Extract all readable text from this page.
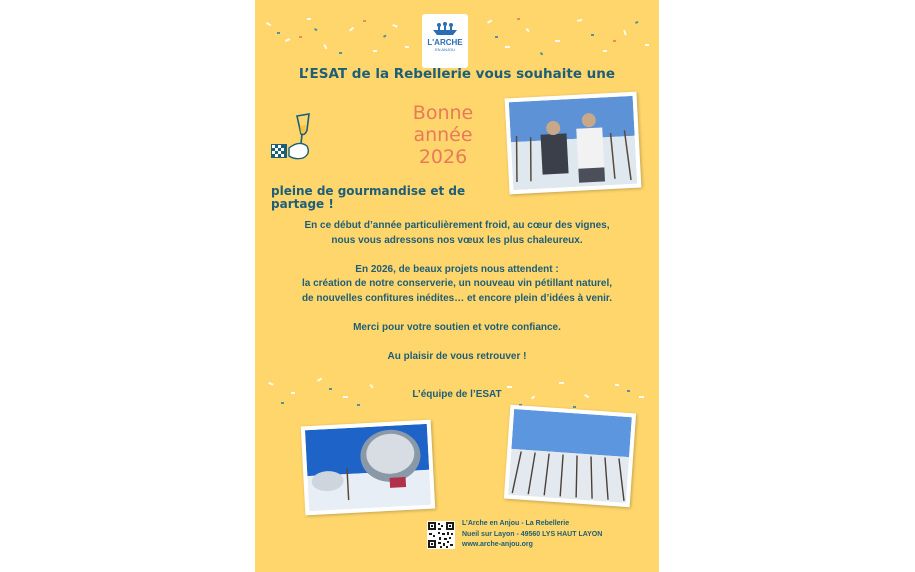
L'ARCHE
EN ANJOU
L’ESAT de la Rebellerie vous souhaite une
Bonne
année
2026
pleine de gourmandise et de partage !

En ce début d’année particulièrement froid, au cœur des vignes,
nous vous adressons nos vœux les plus chaleureux.

En 2026, de beaux projets nous attendent :
la création de notre conserverie, un nouveau vin pétillant naturel,
de nouvelles confitures inédites… et encore plein d’idées à venir.

Merci pour votre soutien et votre confiance.

Au plaisir de vous retrouver !

L’équipe de l’ESAT
L’Arche en Anjou - La Rebellerie
Nueil sur Layon - 49560 LYS HAUT LAYON
www.arche-anjou.org
